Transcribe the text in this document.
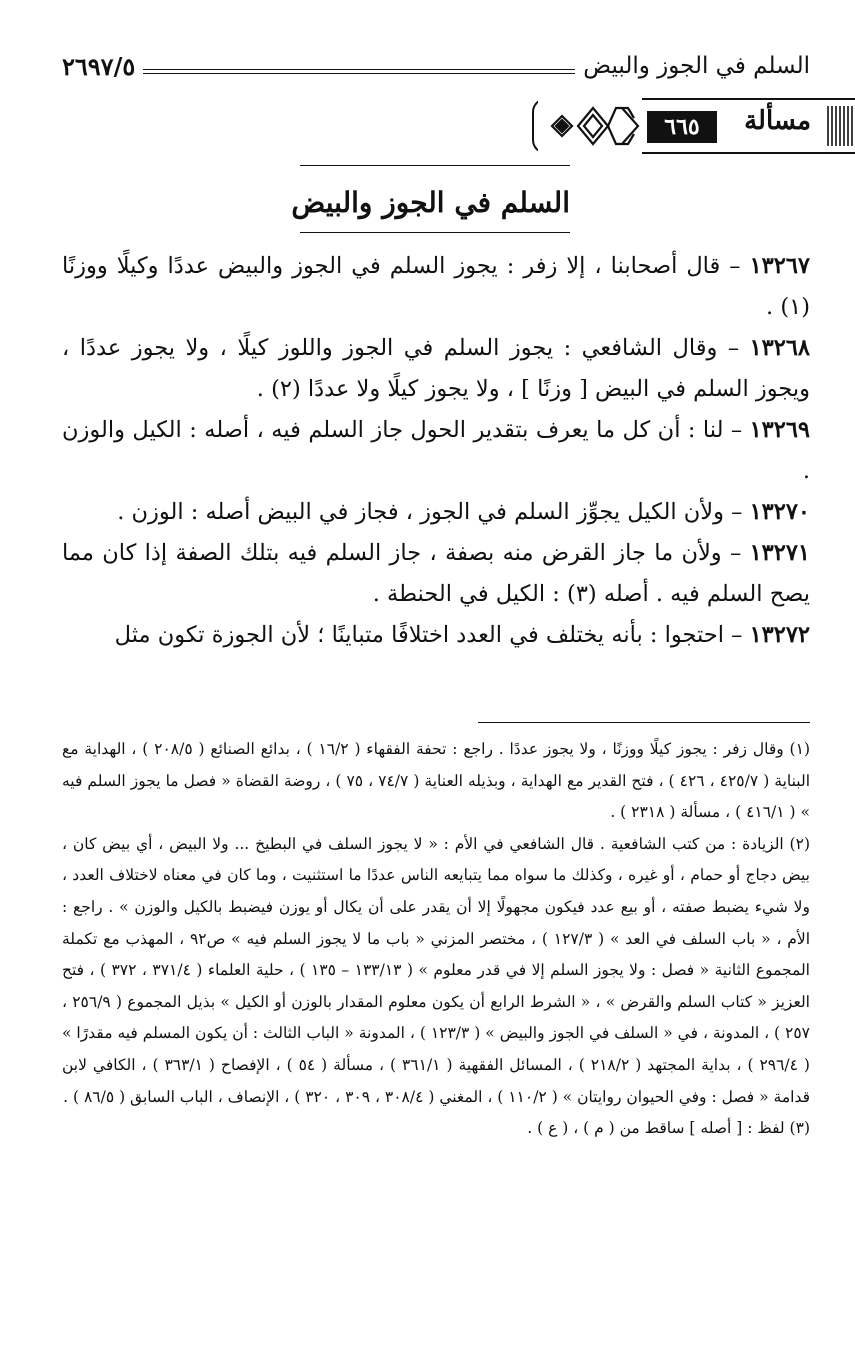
السلم في الجوز والبيض
٢٦٩٧/٥
مسألة
٦٦٥
السلم في الجوز والبيض

١٣٢٦٧ – قال أصحابنا ، إلا زفر : يجوز السلم في الجوز والبيض عددًا وكيلًا ووزنًا (١) .

١٣٢٦٨ – وقال الشافعي : يجوز السلم في الجوز واللوز كيلًا ، ولا يجوز عددًا ، ويجوز السلم في البيض [ وزنًا ] ، ولا يجوز كيلًا ولا عددًا (٢) .

١٣٢٦٩ – لنا : أن كل ما يعرف بتقدير الحول جاز السلم فيه ، أصله : الكيل والوزن .

١٣٢٧٠ – ولأن الكيل يجوِّز السلم في الجوز ، فجاز في البيض أصله : الوزن .

١٣٢٧١ – ولأن ما جاز القرض منه بصفة ، جاز السلم فيه بتلك الصفة إذا كان مما يصح السلم فيه . أصله (٣) : الكيل في الحنطة .

١٣٢٧٢ – احتجوا : بأنه يختلف في العدد اختلافًا متباينًا ؛ لأن الجوزة تكون مثل

(١) وقال زفر : يجوز كيلًا ووزنًا ، ولا يجوز عددًا . راجع : تحفة الفقهاء ( ١٦/٢ ) ، بدائع الصنائع ( ٢٠٨/٥ ) ، الهداية مع البناية ( ٤٢٥/٧ ، ٤٢٦ ) ، فتح القدير مع الهداية ، وبذيله العناية ( ٧٤/٧ ، ٧٥ ) ، روضة القضاة « فصل ما يجوز السلم فيه » ( ٤١٦/١ ) ، مسألة ( ٢٣١٨ ) .

(٢) الزيادة : من كتب الشافعية . قال الشافعي في الأم : « لا يجوز السلف في البطيخ ... ولا البيض ، أي بيض كان ، بيض دجاج أو حمام ، أو غيره ، وكذلك ما سواه مما يتبايعه الناس عددًا ما استثنيت ، وما كان في معناه لاختلاف العدد ، ولا شيء يضبط صفته ، أو بيع عدد فيكون مجهولًا إلا أن يقدر على أن يكال أو يوزن فيضبط بالكيل والوزن » . راجع : الأم ، « باب السلف في العد » ( ١٢٧/٣ ) ، مختصر المزني « باب ما لا يجوز السلم فيه » ص٩٢ ، المهذب مع تكملة المجموع الثانية « فصل : ولا يجوز السلم إلا في قدر معلوم » ( ١٣٣/١٣ – ١٣٥ ) ، حلية العلماء ( ٣٧١/٤ ، ٣٧٢ ) ، فتح العزيز « كتاب السلم والقرض » ، « الشرط الرابع أن يكون معلوم المقدار بالوزن أو الكيل » بذيل المجموع ( ٢٥٦/٩ ، ٢٥٧ ) ، المدونة ، في « السلف في الجوز والبيض » ( ١٢٣/٣ ) ، المدونة « الباب الثالث : أن يكون المسلم فيه مقدرًا » ( ٢٩٦/٤ ) ، بداية المجتهد ( ٢١٨/٢ ) ، المسائل الفقهية ( ٣٦١/١ ) ، مسألة ( ٥٤ ) ، الإفصاح ( ٣٦٣/١ ) ، الكافي لابن قدامة « فصل : وفي الحيوان روايتان » ( ١١٠/٢ ) ، المغني ( ٣٠٨/٤ ، ٣٠٩ ، ٣٢٠ ) ، الإنصاف ، الباب السابق ( ٨٦/٥ ) .

(٣) لفظ : [ أصله ] ساقط من ( م ) ، ( ع ) .
